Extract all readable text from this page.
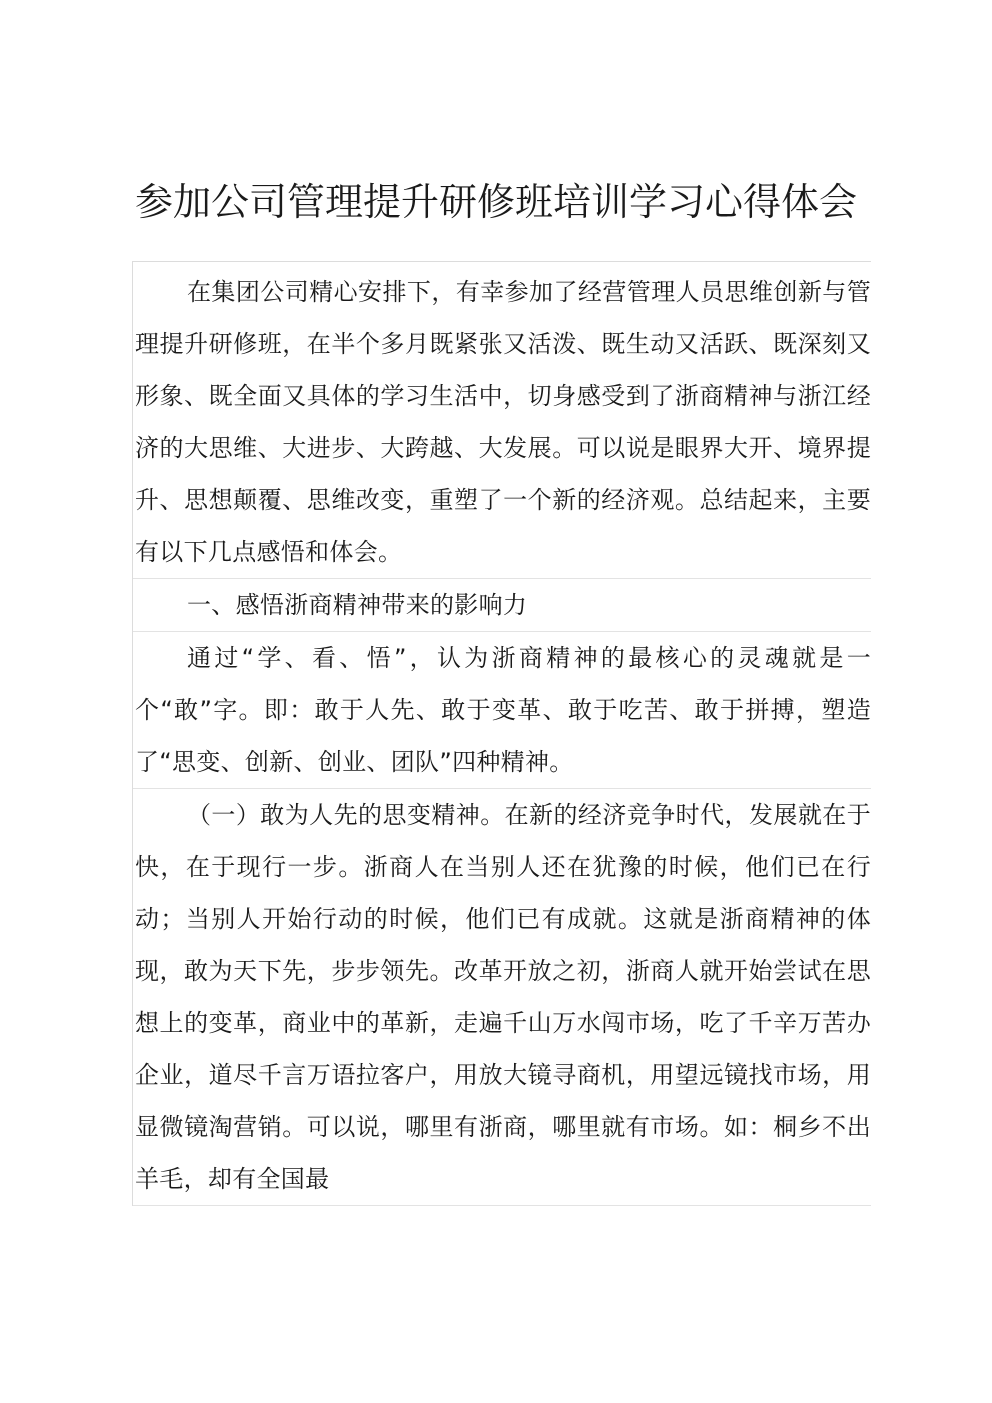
参加公司管理提升研修班培训学习心得体会

在集团公司精心安排下，有幸参加了经营管理人员思维创新与管理提升研修班，在半个多月既紧张又活泼、既生动又活跃、既深刻又形象、既全面又具体的学习生活中，切身感受到了浙商精神与浙江经济的大思维、大进步、大跨越、大发展。可以说是眼界大开、境界提升、思想颠覆、思维改变，重塑了一个新的经济观。总结起来，主要有以下几点感悟和体会。

一、感悟浙商精神带来的影响力

通过“学、看、悟”，认为浙商精神的最核心的灵魂就是一个“敢”字。即：敢于人先、敢于变革、敢于吃苦、敢于拼搏，塑造了“思变、创新、创业、团队”四种精神。

（一）敢为人先的思变精神。在新的经济竞争时代，发展就在于快，在于现行一步。浙商人在当别人还在犹豫的时候，他们已在行动；当别人开始行动的时候，他们已有成就。这就是浙商精神的体现，敢为天下先，步步领先。改革开放之初，浙商人就开始尝试在思想上的变革，商业中的革新，走遍千山万水闯市场，吃了千辛万苦办企业，道尽千言万语拉客户，用放大镜寻商机，用望远镜找市场，用显微镜淘营销。可以说，哪里有浙商，哪里就有市场。如：桐乡不出羊毛，却有全国最
